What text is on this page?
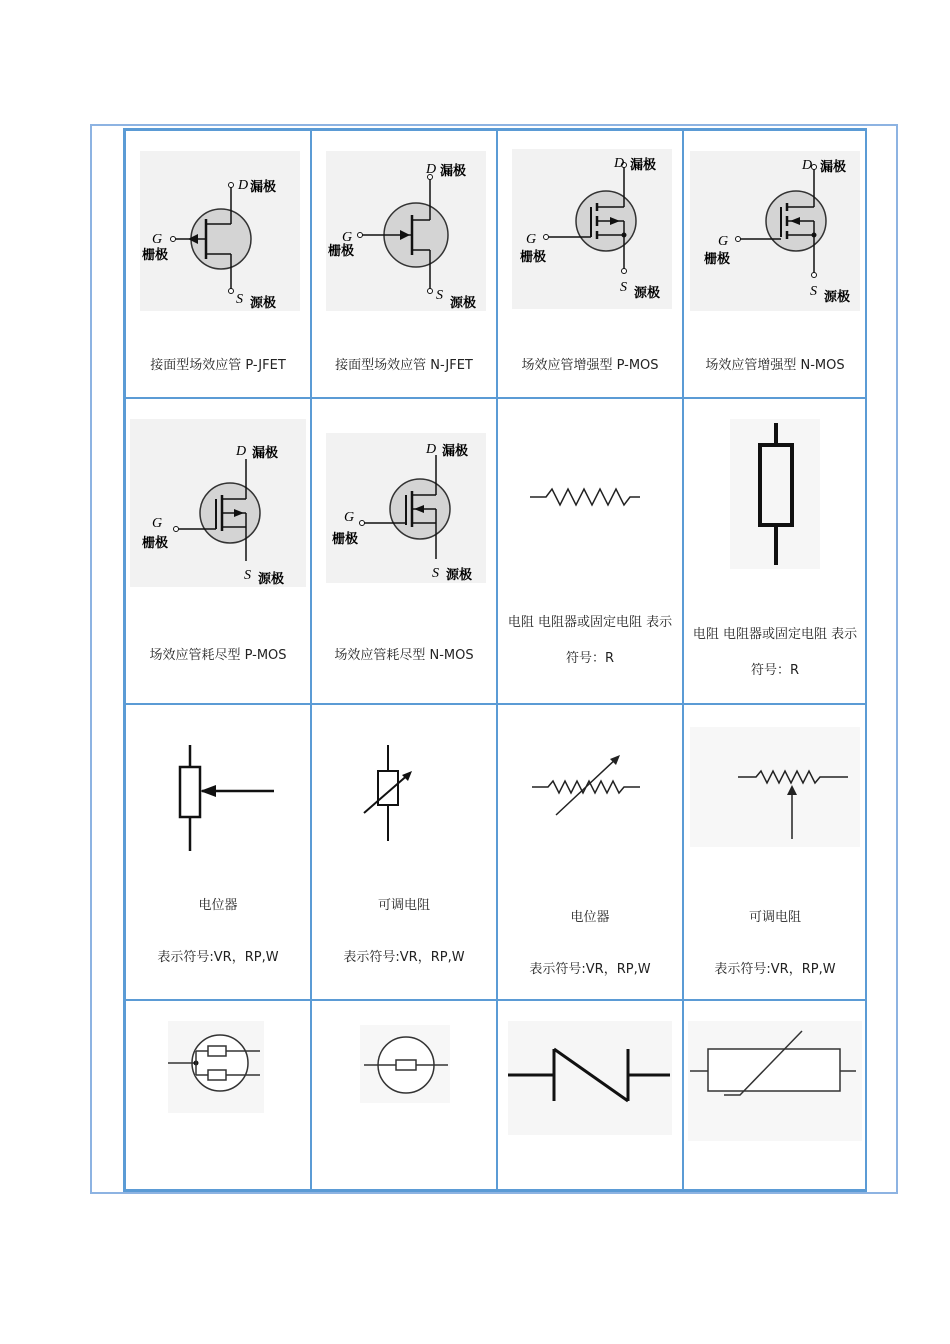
D 漏极
G
栅极
S 源极
接面型场效应管 P-JFET
D 漏极
G
栅极
S
源极
接面型场效应管 N-JFET
D 漏极
G
栅极
S 源极
场效应管增强型 P-MOS
D 漏极
G
栅极
S 源极
场效应管增强型 N-MOS
D 漏极
G
栅极
S 源极
场效应管耗尽型 P-MOS
D 漏极
G
栅极
S 源极
场效应管耗尽型 N-MOS
电阻 电阻器或固定电阻 表示符号：R
电阻 电阻器或固定电阻 表示符号：R
电位器
表示符号:VR，RP,W
可调电阻
表示符号:VR，RP,W
电位器
表示符号:VR，RP,W
可调电阻
表示符号:VR，RP,W
